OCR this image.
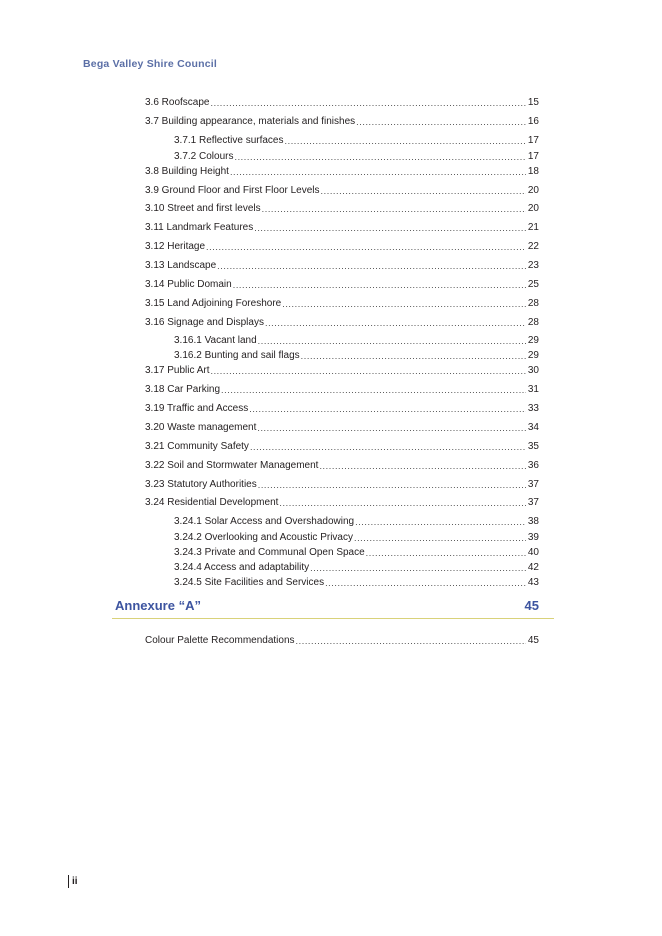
Bega Valley Shire Council
3.6 Roofscape .....	15
3.7 Building appearance, materials and finishes .....	16
3.7.1 Reflective surfaces .....	17
3.7.2 Colours .....	17
3.8 Building Height .....	18
3.9 Ground Floor and First Floor Levels .....	20
3.10 Street and first levels .....	20
3.11 Landmark Features .....	21
3.12 Heritage .....	22
3.13 Landscape .....	23
3.14 Public Domain .....	25
3.15 Land Adjoining Foreshore .....	28
3.16 Signage and Displays .....	28
3.16.1 Vacant land .....	29
3.16.2 Bunting and sail flags .....	29
3.17 Public Art .....	30
3.18 Car Parking .....	31
3.19 Traffic and Access .....	33
3.20 Waste management .....	34
3.21 Community Safety .....	35
3.22 Soil and Stormwater Management .....	36
3.23 Statutory Authorities .....	37
3.24 Residential Development .....	37
3.24.1 Solar Access and Overshadowing .....	38
3.24.2 Overlooking and Acoustic Privacy .....	39
3.24.3 Private and Communal Open Space .....	40
3.24.4 Access and adaptability .....	42
3.24.5 Site Facilities and Services .....	43
Annexure “A”	45
Colour Palette Recommendations .....	45
ii
